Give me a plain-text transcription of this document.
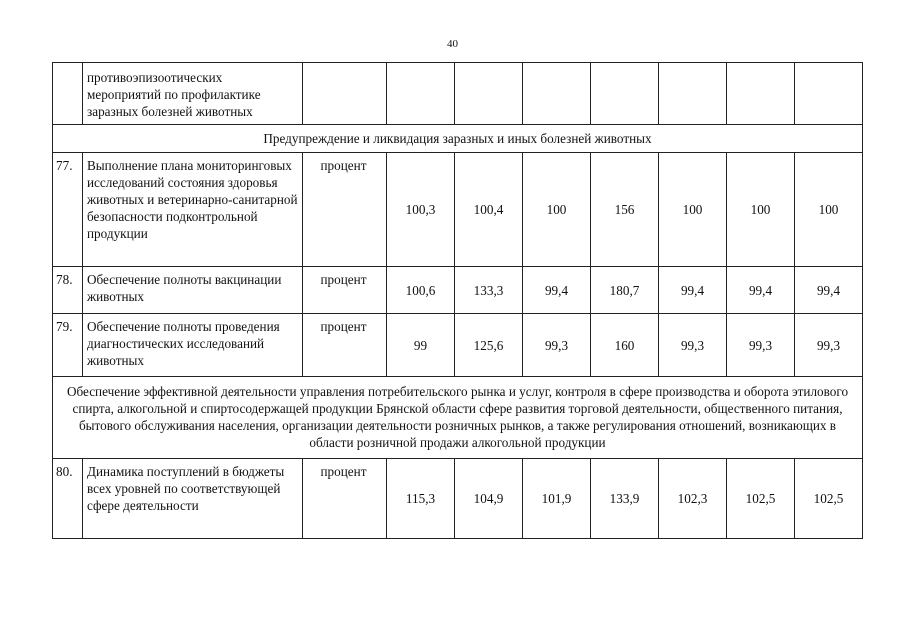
40
	противоэпизоотических мероприятий по профилактике заразных болезней животных								
Предупреждение и ликвидация заразных и иных болезней животных									
77.	Выполнение плана мониторинговых исследований состояния здоровья животных и ветеринарно-санитарной безопасности подконтрольной продукции	процент	100,3	100,4	100	156	100	100	100
78.	Обеспечение полноты вакцинации животных	процент	100,6	133,3	99,4	180,7	99,4	99,4	99,4
79.	Обеспечение полноты проведения диагностических исследований животных	процент	99	125,6	99,3	160	99,3	99,3	99,3
Обеспечение эффективной деятельности управления потребительского рынка и услуг, контроля в сфере производства и оборота этилового спирта, алкогольной и спиртосодержащей продукции Брянской области сфере развития торговой деятельности, общественного питания, бытового обслуживания населения, организации деятельности розничных рынков, а также регулирования отношений, возникающих в области розничной продажи алкогольной продукции									
80.	Динамика поступлений в бюджеты всех уровней по соответствующей сфере деятельности	процент	115,3	104,9	101,9	133,9	102,3	102,5	102,5
